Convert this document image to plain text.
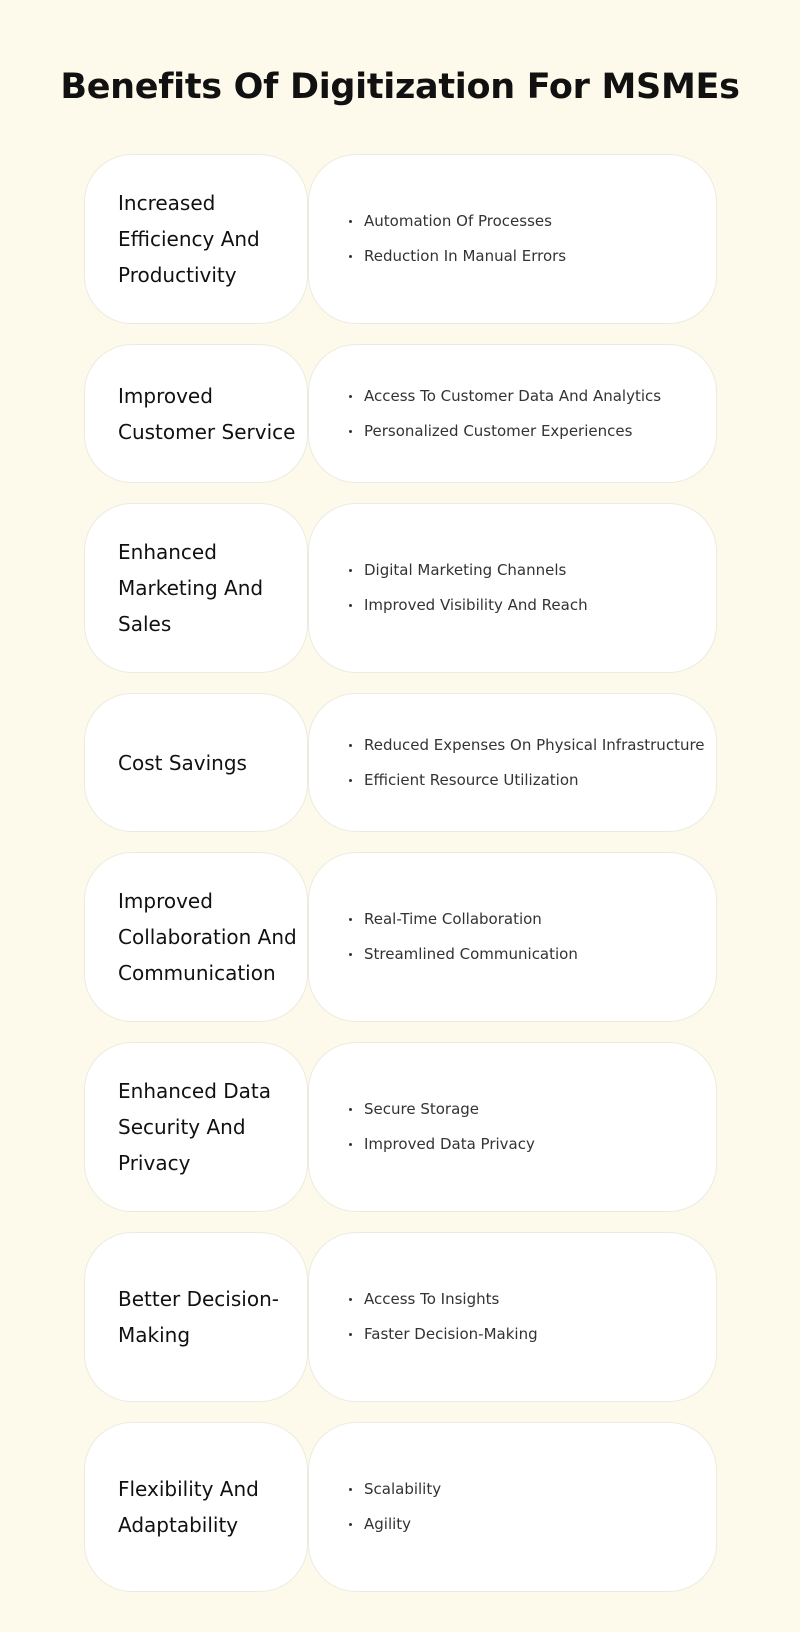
Benefits Of Digitization For MSMEs
Increased Efficiency And Productivity
Automation Of Processes
Reduction In Manual Errors
Improved Customer Service
Access To Customer Data And Analytics
Personalized Customer Experiences
Enhanced Marketing And Sales
Digital Marketing Channels
Improved Visibility And Reach
Cost Savings
Reduced Expenses On Physical Infrastructure
Efficient Resource Utilization
Improved Collaboration And Communication
Real-Time Collaboration
Streamlined Communication
Enhanced Data Security And Privacy
Secure Storage
Improved Data Privacy
Better Decision-Making
Access To Insights
Faster Decision-Making
Flexibility And Adaptability
Scalability
Agility
